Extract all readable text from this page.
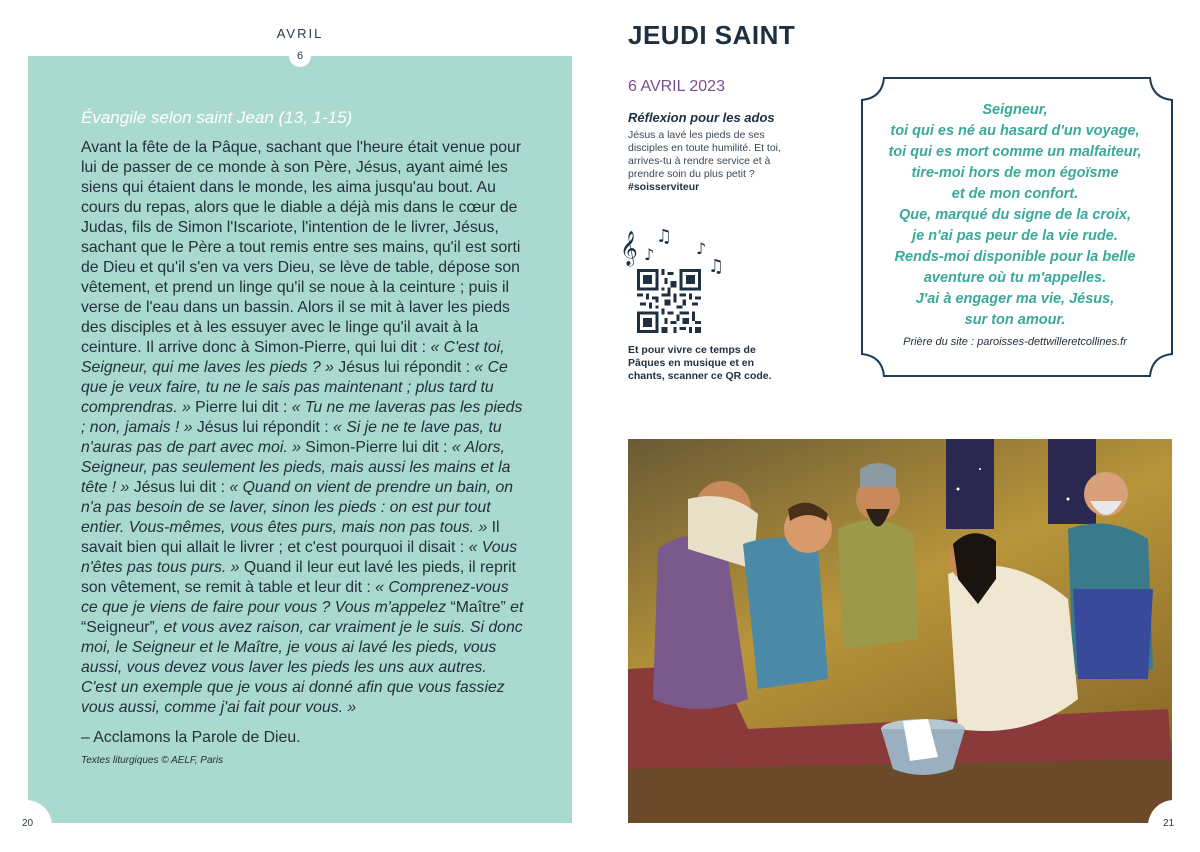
AVRIL
6
Évangile selon saint Jean (13, 1-15)
Avant la fête de la Pâque, sachant que l'heure était venue pour lui de passer de ce monde à son Père, Jésus, ayant aimé les siens qui étaient dans le monde, les aima jusqu'au bout. Au cours du repas, alors que le diable a déjà mis dans le cœur de Judas, fils de Simon l'Iscariote, l'intention de le livrer, Jésus, sachant que le Père a tout remis entre ses mains, qu'il est sorti de Dieu et qu'il s'en va vers Dieu, se lève de table, dépose son vêtement, et prend un linge qu'il se noue à la ceinture ; puis il verse de l'eau dans un bassin. Alors il se mit à laver les pieds des disciples et à les essuyer avec le linge qu'il avait à la ceinture. Il arrive donc à Simon-Pierre, qui lui dit : « C'est toi, Seigneur, qui me laves les pieds ? » Jésus lui répondit : « Ce que je veux faire, tu ne le sais pas maintenant ; plus tard tu comprendras. » Pierre lui dit : « Tu ne me laveras pas les pieds ; non, jamais ! » Jésus lui répondit : « Si je ne te lave pas, tu n'auras pas de part avec moi. » Simon-Pierre lui dit : « Alors, Seigneur, pas seulement les pieds, mais aussi les mains et la tête ! » Jésus lui dit : « Quand on vient de prendre un bain, on n'a pas besoin de se laver, sinon les pieds : on est pur tout entier. Vous-mêmes, vous êtes purs, mais non pas tous. » Il savait bien qui allait le livrer ; et c'est pourquoi il disait : « Vous n'êtes pas tous purs. » Quand il leur eut lavé les pieds, il reprit son vêtement, se remit à table et leur dit : « Comprenez-vous ce que je viens de faire pour vous ? Vous m'appelez “Maître” et “Seigneur”, et vous avez raison, car vraiment je le suis. Si donc moi, le Seigneur et le Maître, je vous ai lavé les pieds, vous aussi, vous devez vous laver les pieds les uns aux autres. C'est un exemple que je vous ai donné afin que vous fassiez vous aussi, comme j'ai fait pour vous. »
– Acclamons la Parole de Dieu.
Textes liturgiques © AELF, Paris
20
JEUDI SAINT
6 AVRIL 2023
Réflexion pour les ados
Jésus a lavé les pieds de ses disciples en toute humilité. Et toi, arrives-tu à rendre service et à prendre soin du plus petit ?
#soisserviteur
𝄞 ♪
♫
♪
♫
Et pour vivre ce temps de Pâques en musique et en chants, scanner ce QR code.
Seigneur,
toi qui es né au hasard d'un voyage,
toi qui es mort comme un malfaiteur,
tire-moi hors de mon égoïsme
et de mon confort.
Que, marqué du signe de la croix,
je n'ai pas peur de la vie rude.
Rends-moi disponible pour la belle
aventure où tu m'appelles.
J'ai à engager ma vie, Jésus,
sur ton amour.
Prière du site : paroisses-dettwilleretcollines.fr
21
